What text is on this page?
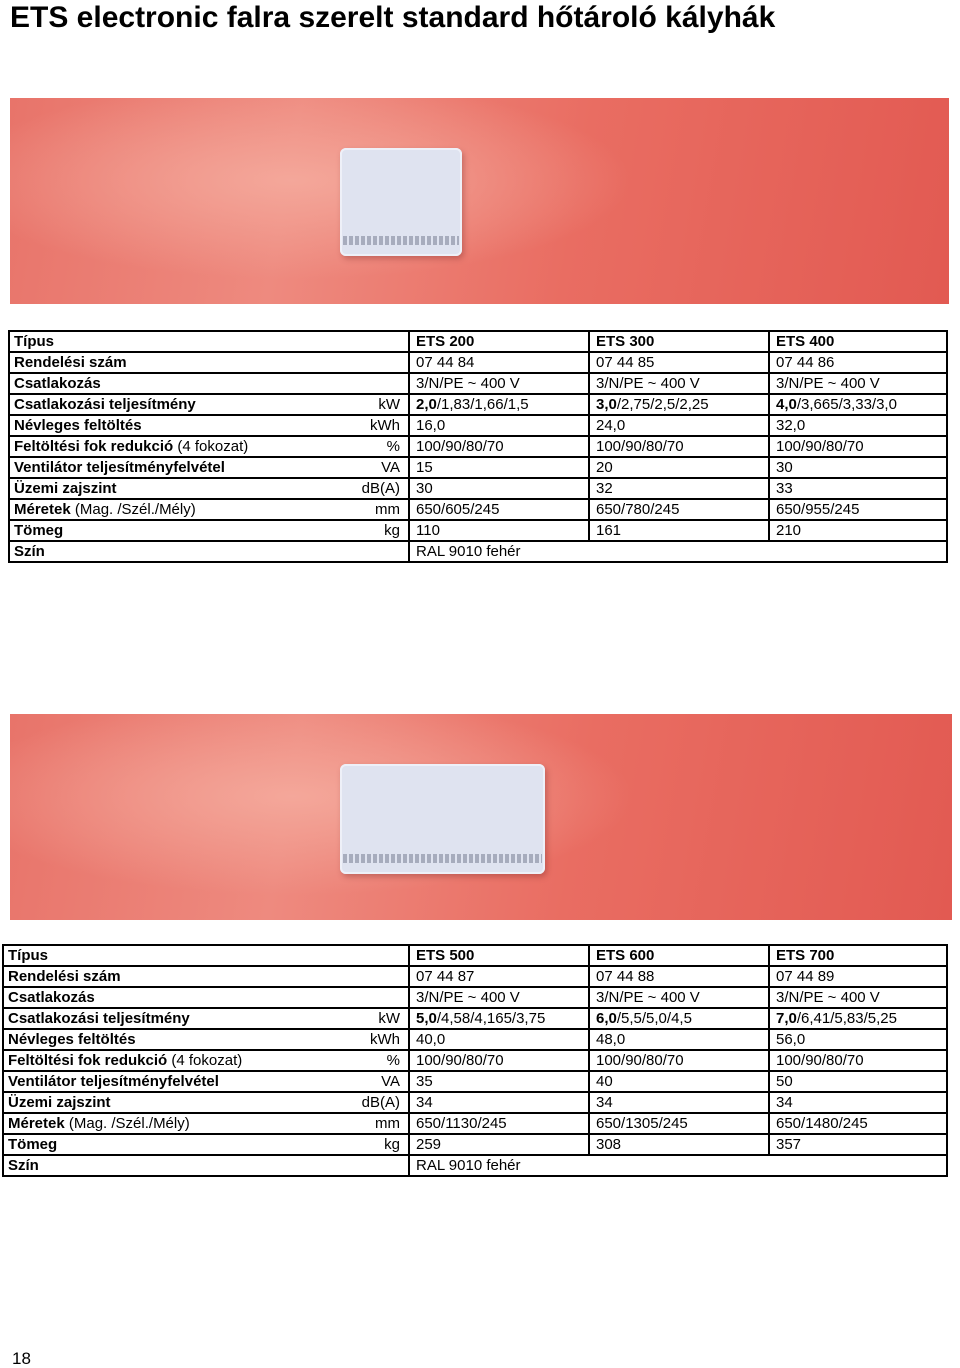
ETS electronic falra szerelt standard hőtároló kályhák
Típus		ETS 200	ETS 300	ETS 400
Rendelési szám		07 44 84	07 44 85	07 44 86
Csatlakozás		3/N/PE ~ 400 V	3/N/PE ~ 400 V	3/N/PE ~ 400 V
Csatlakozási teljesítmény	kW	2,0/1,83/1,66/1,5	3,0/2,75/2,5/2,25	4,0/3,665/3,33/3,0
Névleges feltöltés	kWh	16,0	24,0	32,0
Feltöltési fok redukció (4 fokozat)	%	100/90/80/70	100/90/80/70	100/90/80/70
Ventilátor teljesítményfelvétel	VA	15	20	30
Üzemi zajszint	dB(A)	30	32	33
Méretek (Mag. /Szél./Mély)	mm	650/605/245	650/780/245	650/955/245
Tömeg	kg	110	161	210
Szín		RAL 9010 fehér		
Típus		ETS 500	ETS 600	ETS 700
Rendelési szám		07 44 87	07 44 88	07 44 89
Csatlakozás		3/N/PE ~ 400 V	3/N/PE ~ 400 V	3/N/PE ~ 400 V
Csatlakozási teljesítmény	kW	5,0/4,58/4,165/3,75	6,0/5,5/5,0/4,5	7,0/6,41/5,83/5,25
Névleges feltöltés	kWh	40,0	48,0	56,0
Feltöltési fok redukció (4 fokozat)	%	100/90/80/70	100/90/80/70	100/90/80/70
Ventilátor teljesítményfelvétel	VA	35	40	50
Üzemi zajszint	dB(A)	34	34	34
Méretek (Mag. /Szél./Mély)	mm	650/1130/245	650/1305/245	650/1480/245
Tömeg	kg	259	308	357
Szín		RAL 9010 fehér		
18
